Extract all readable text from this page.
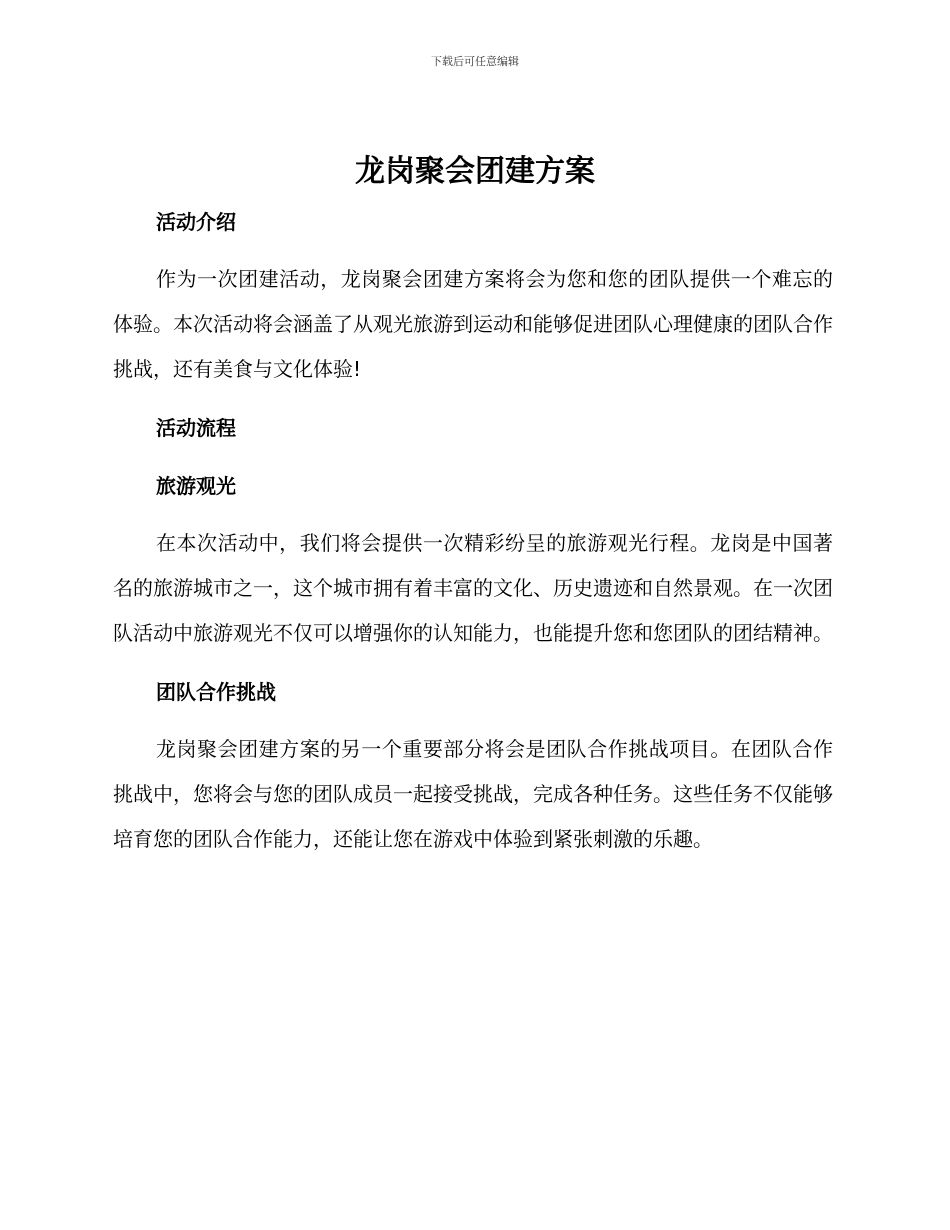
下载后可任意编辑
龙岗聚会团建方案

活动介绍

作为一次团建活动，龙岗聚会团建方案将会为您和您的团队提供一个难忘的体验。本次活动将会涵盖了从观光旅游到运动和能够促进团队心理健康的团队合作挑战，还有美食与文化体验!

活动流程

旅游观光

在本次活动中，我们将会提供一次精彩纷呈的旅游观光行程。龙岗是中国著名的旅游城市之一，这个城市拥有着丰富的文化、历史遗迹和自然景观。在一次团队活动中旅游观光不仅可以增强你的认知能力，也能提升您和您团队的团结精神。

团队合作挑战

龙岗聚会团建方案的另一个重要部分将会是团队合作挑战项目。在团队合作挑战中，您将会与您的团队成员一起接受挑战，完成各种任务。这些任务不仅能够培育您的团队合作能力，还能让您在游戏中体验到紧张刺激的乐趣。
